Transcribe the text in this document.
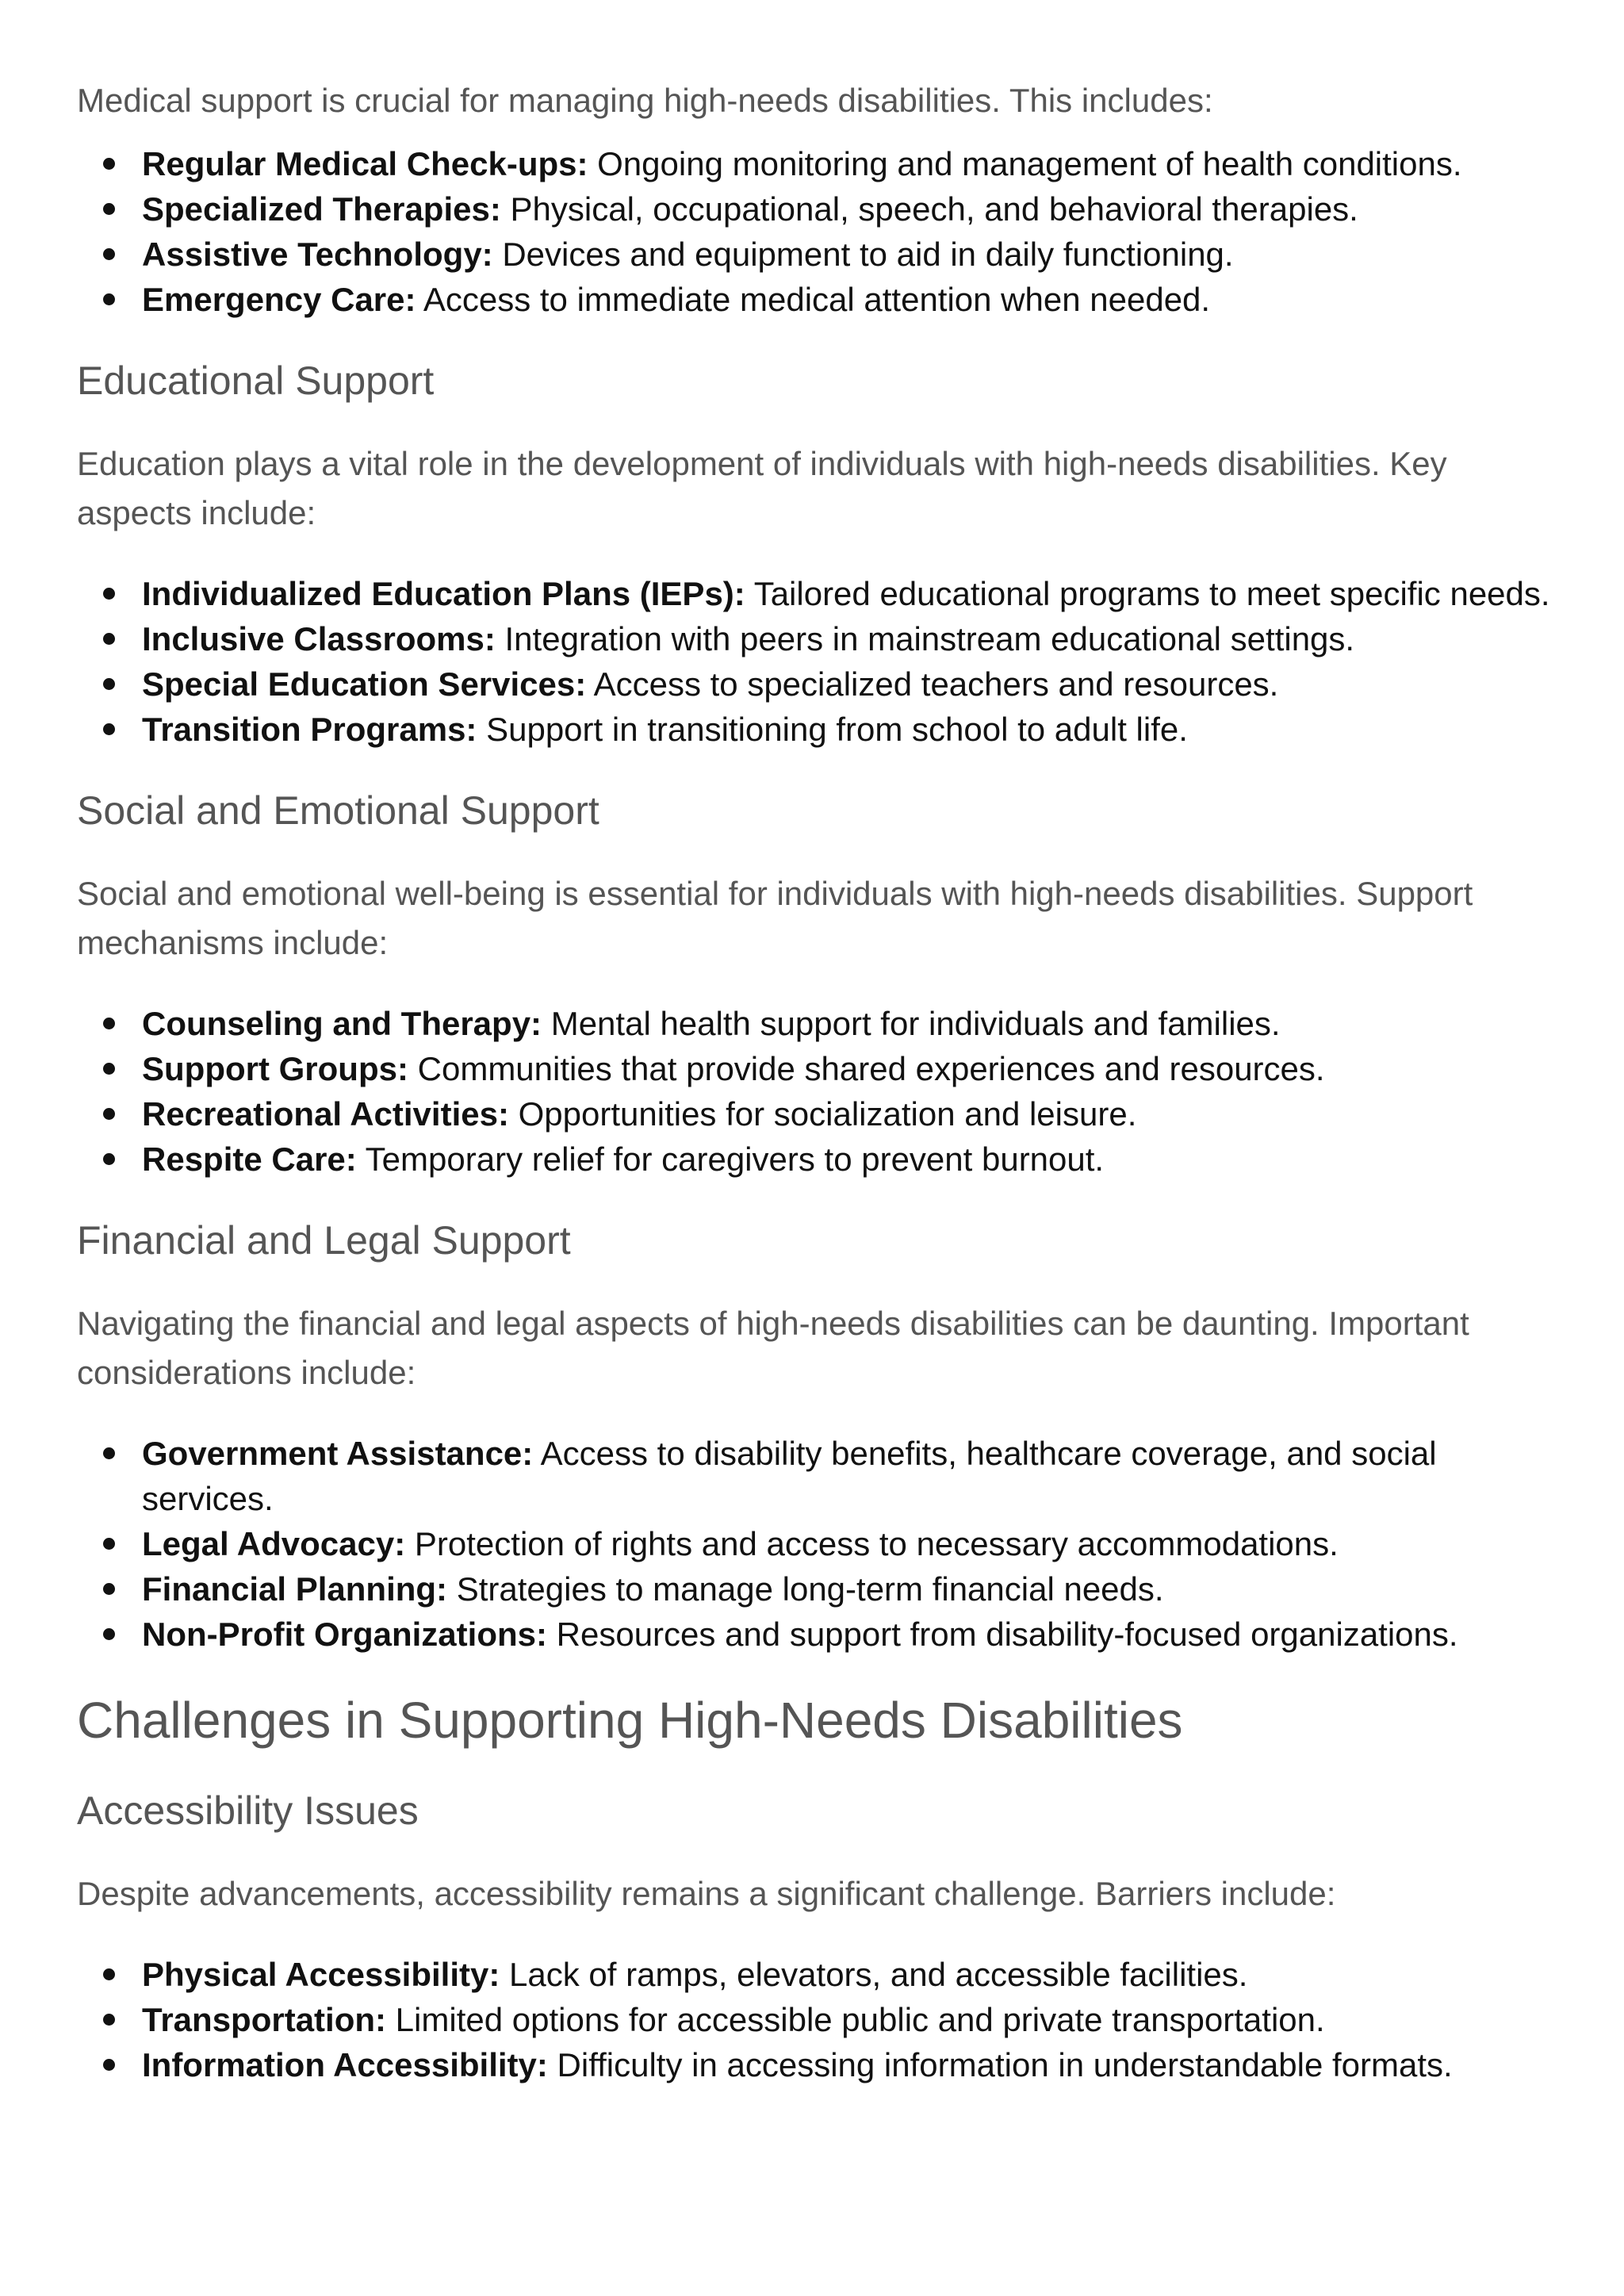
Medical support is crucial for managing high-needs disabilities. This includes:

Regular Medical Check-ups: Ongoing monitoring and management of health conditions.
Specialized Therapies: Physical, occupational, speech, and behavioral therapies.
Assistive Technology: Devices and equipment to aid in daily functioning.
Emergency Care: Access to immediate medical attention when needed.
Educational Support

Education plays a vital role in the development of individuals with high-needs disabilities. Key aspects include:

Individualized Education Plans (IEPs): Tailored educational programs to meet specific needs.
Inclusive Classrooms: Integration with peers in mainstream educational settings.
Special Education Services: Access to specialized teachers and resources.
Transition Programs: Support in transitioning from school to adult life.
Social and Emotional Support

Social and emotional well-being is essential for individuals with high-needs disabilities. Support mechanisms include:

Counseling and Therapy: Mental health support for individuals and families.
Support Groups: Communities that provide shared experiences and resources.
Recreational Activities: Opportunities for socialization and leisure.
Respite Care: Temporary relief for caregivers to prevent burnout.
Financial and Legal Support

Navigating the financial and legal aspects of high-needs disabilities can be daunting. Important considerations include:

Government Assistance: Access to disability benefits, healthcare coverage, and social services.
Legal Advocacy: Protection of rights and access to necessary accommodations.
Financial Planning: Strategies to manage long-term financial needs.
Non-Profit Organizations: Resources and support from disability-focused organizations.
Challenges in Supporting High-Needs Disabilities
Accessibility Issues

Despite advancements, accessibility remains a significant challenge. Barriers include:

Physical Accessibility: Lack of ramps, elevators, and accessible facilities.
Transportation: Limited options for accessible public and private transportation.
Information Accessibility: Difficulty in accessing information in understandable formats.
